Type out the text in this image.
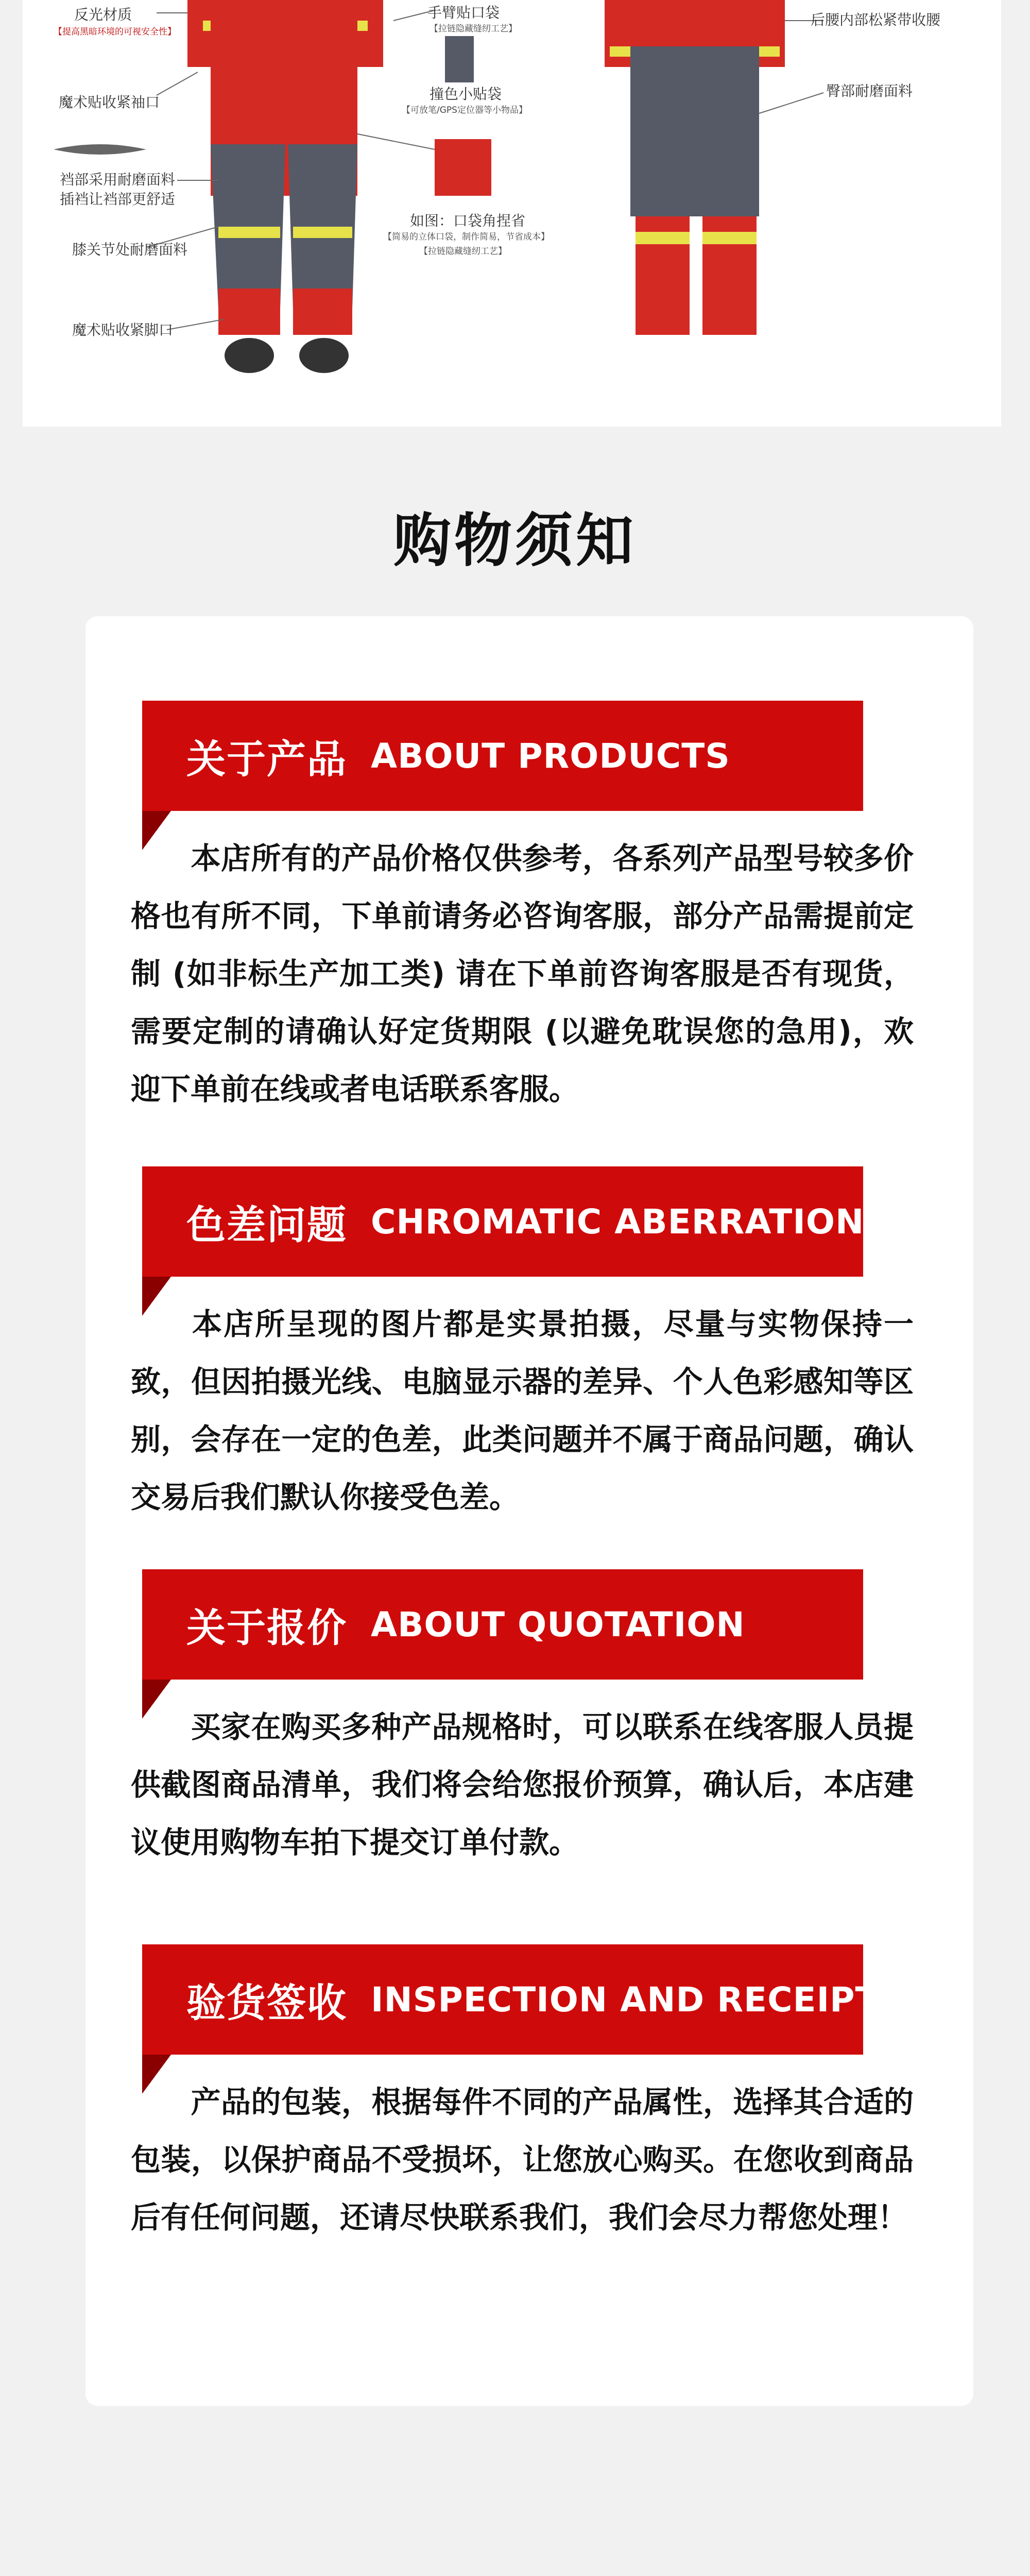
反光材质
【提高黑暗环境的可视安全性】
魔术贴收紧袖口
裆部采用耐磨面料
插裆让裆部更舒适
膝关节处耐磨面料
魔术贴收紧脚口
手臂贴口袋
【拉链隐藏缝纫工艺】
撞色小贴袋
【可放笔/GPS定位器等小物品】
如图：口袋角捏省
【简易的立体口袋，制作简易，节省成本】
【拉链隐藏缝纫工艺】
后腰内部松紧带收腰
臀部耐磨面料
购物须知
关于产品 ABOUT PRODUCTS
本店所有的产品价格仅供参考，各系列产品型号较多价格也有所不同，下单前请务必咨询客服，部分产品需提前定制 (如非标生产加工类) 请在下单前咨询客服是否有现货，需要定制的请确认好定货期限 (以避免耽误您的急用)，欢迎下单前在线或者电话联系客服。
色差问题 CHROMATIC ABERRATION
本店所呈现的图片都是实景拍摄，尽量与实物保持一致，但因拍摄光线、电脑显示器的差异、个人色彩感知等区别，会存在一定的色差，此类问题并不属于商品问题，确认交易后我们默认你接受色差。
关于报价 ABOUT QUOTATION
买家在购买多种产品规格时，可以联系在线客服人员提供截图商品清单，我们将会给您报价预算，确认后，本店建议使用购物车拍下提交订单付款。
验货签收 INSPECTION AND RECEIPT
产品的包装，根据每件不同的产品属性，选择其合适的包装，以保护商品不受损坏，让您放心购买。在您收到商品后有任何问题，还请尽快联系我们，我们会尽力帮您处理！
